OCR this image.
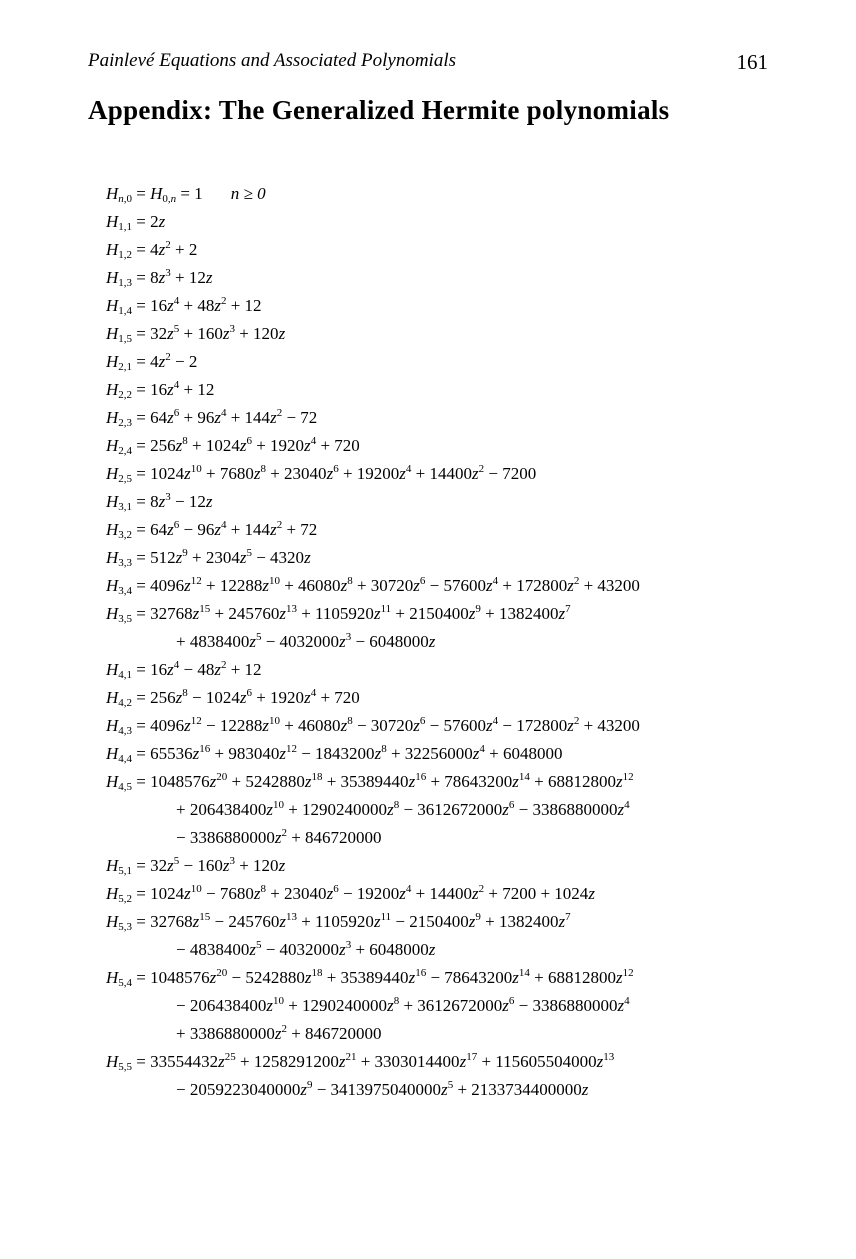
Painlevé Equations and Associated Polynomials	161
Appendix: The Generalized Hermite polynomials
$H_{n,0} = H_{0,n} = 1$ n ≥ 0
$H_{1,1} = 2z$
$H_{1,2} = 4z^2 + 2$
$H_{1,3} = 8z^3 + 12z$
$H_{1,4} = 16z^4 + 48z^2 + 12$
$H_{1,5} = 32z^5 + 160z^3 + 120z$
$H_{2,1} = 4z^2 - 2$
$H_{2,2} = 16z^4 + 12$
$H_{2,3} = 64z^6 + 96z^4 + 144z^2 - 72$
$H_{2,4} = 256z^8 + 1024z^6 + 1920z^4 + 720$
$H_{2,5} = 1024z^{10} + 7680z^8 + 23040z^6 + 19200z^4 + 14400z^2 - 7200$
$H_{3,1} = 8z^3 - 12z$
$H_{3,2} = 64z^6 - 96z^4 + 144z^2 + 72$
$H_{3,3} = 512z^9 + 2304z^5 - 4320z$
$H_{3,4} = 4096z^{12} + 12288z^{10} + 46080z^8 + 30720z^6 - 57600z^4 + 172800z^2 + 43200$
$H_{3,5} = 32768z^{15} + 245760z^{13} + 1105920z^{11} + 2150400z^9 + 1382400z^7$
+ $4838400z^5 - 4032000z^3 - 6048000z$
$H_{4,1} = 16z^4 - 48z^2 + 12$
$H_{4,2} = 256z^8 - 1024z^6 + 1920z^4 + 720$
$H_{4,3} = 4096z^{12} - 12288z^{10} + 46080z^8 - 30720z^6 - 57600z^4 - 172800z^2 + 43200$
$H_{4,4} = 65536z^{16} + 983040z^{12} - 1843200z^8 + 32256000z^4 + 6048000$
$H_{4,5} = 1048576z^{20} + 5242880z^{18} + 35389440z^{16} + 78643200z^{14} + 68812800z^{12}$
+ $206438400z^{10} + 1290240000z^8 - 3612672000z^6 - 3386880000z^4$
− $3386880000z^2 + 846720000$
$H_{5,1} = 32z^5 - 160z^3 + 120z$
$H_{5,2} = 1024z^{10} - 7680z^8 + 23040z^6 - 19200z^4 + 14400z^2 + 7200 + 1024z$
$H_{5,3} = 32768z^{15} - 245760z^{13} + 1105920z^{11} - 2150400z^9 + 1382400z^7$
− $4838400z^5 - 4032000z^3 + 6048000z$
$H_{5,4} = 1048576z^{20} - 5242880z^{18} + 35389440z^{16} - 78643200z^{14} + 68812800z^{12}$
− $206438400z^{10} + 1290240000z^8 + 3612672000z^6 - 3386880000z^4$
+ $3386880000z^2 + 846720000$
$H_{5,5} = 33554432z^{25} + 1258291200z^{21} + 3303014400z^{17} + 115605504000z^{13}$
− $2059223040000z^9 - 3413975040000z^5 + 2133734400000z$
